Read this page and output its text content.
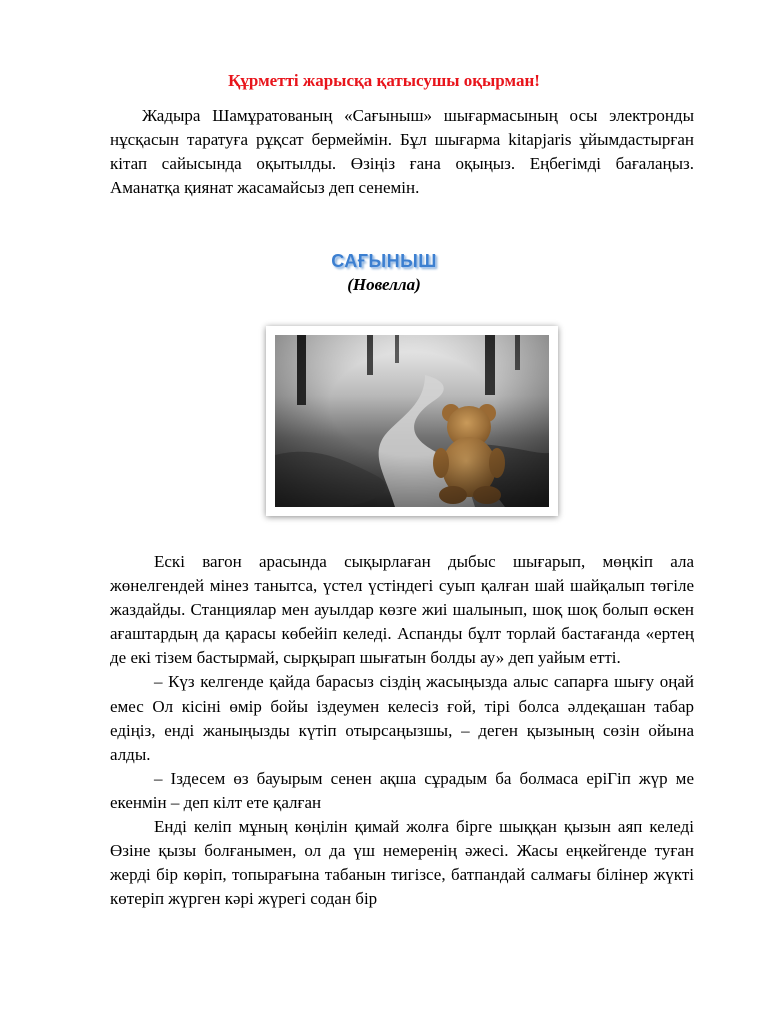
Құрметті жарысқа қатысушы оқырман!

Жадыра Шамұратованың «Сағыныш» шығармасының осы электронды нұсқасын таратуға рұқсат бермеймін. Бұл шығарма kitapjaris ұйымдастырған кітап сайысында оқытылды. Өзіңіз ғана оқыңыз. Еңбегімді бағалаңыз. Аманатқа қиянат жасамайсыз деп сенемін.

САҒЫНЫШ
(Новелла)

Ескі вагон арасында сықырлаған дыбыс шығарып, мөңкіп ала жөнелгендей мінез танытса, үстел үстіндегі суып қалған шай шайқалып төгіле жаздайды. Станциялар мен ауылдар көзге жиі шалынып, шоқ шоқ болып өскен ағаштардың да қарасы көбейіп келеді. Аспанды бұлт торлай бастағанда «ертең де екі тізем бастырмай, сырқырап шығатын болды ау» деп уайым етті.

– Күз келгенде қайда барасыз сіздің жасыңызда алыс сапарға шығу оңай емес Ол кісіні өмір бойы іздеумен келесіз ғой, тірі болса әлдеқашан табар едіңіз, енді жаныңызды күтіп отырсаңызшы, – деген қызының сөзін ойына алды.

– Іздесем өз бауырым сенен ақша сұрадым ба болмаса еріГіп жүр ме екенмін – деп кілт ете қалған

Енді келіп мұның көңілін қимай жолға бірге шыққан қызын аяп келеді Өзіне қызы болғанымен, ол да үш немеренің әжесі. Жасы еңкейгенде туған жерді бір көріп, топырағына табанын тигізсе, батпандай салмағы білінер жүкті көтеріп жүрген кәрі жүрегі содан бір
